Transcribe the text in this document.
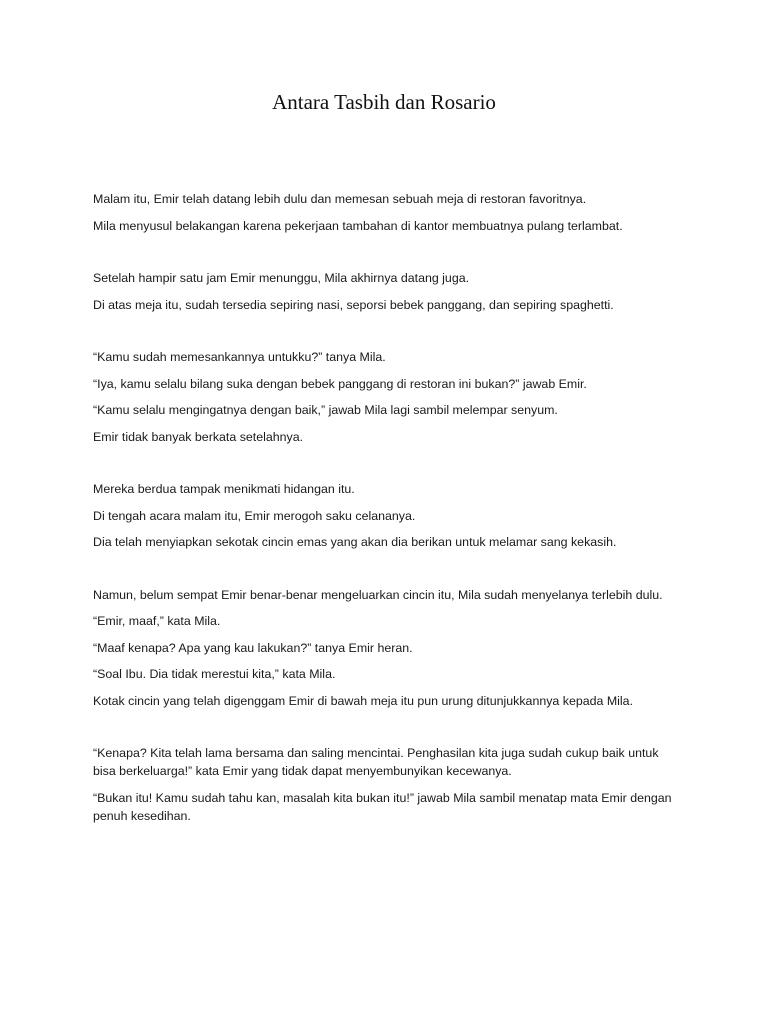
Antara Tasbih dan Rosario

Malam itu, Emir telah datang lebih dulu dan memesan sebuah meja di restoran favoritnya.

Mila menyusul belakangan karena pekerjaan tambahan di kantor membuatnya pulang terlambat.

Setelah hampir satu jam Emir menunggu, Mila akhirnya datang juga.

Di atas meja itu, sudah tersedia sepiring nasi, seporsi bebek panggang, dan sepiring spaghetti.

“Kamu sudah memesankannya untukku?” tanya Mila.

“Iya, kamu selalu bilang suka dengan bebek panggang di restoran ini bukan?” jawab Emir.

“Kamu selalu mengingatnya dengan baik,” jawab Mila lagi sambil melempar senyum.

Emir tidak banyak berkata setelahnya.

Mereka berdua tampak menikmati hidangan itu.

Di tengah acara malam itu, Emir merogoh saku celananya.

Dia telah menyiapkan sekotak cincin emas yang akan dia berikan untuk melamar sang kekasih.

Namun, belum sempat Emir benar-benar mengeluarkan cincin itu, Mila sudah menyelanya terlebih dulu.

“Emir, maaf,” kata Mila.

“Maaf kenapa? Apa yang kau lakukan?” tanya Emir heran.

“Soal Ibu. Dia tidak merestui kita,” kata Mila.

Kotak cincin yang telah digenggam Emir di bawah meja itu pun urung ditunjukkannya kepada Mila.

“Kenapa? Kita telah lama bersama dan saling mencintai. Penghasilan kita juga sudah cukup baik untuk bisa berkeluarga!” kata Emir yang tidak dapat menyembunyikan kecewanya.

“Bukan itu! Kamu sudah tahu kan, masalah kita bukan itu!” jawab Mila sambil menatap mata Emir dengan penuh kesedihan.
